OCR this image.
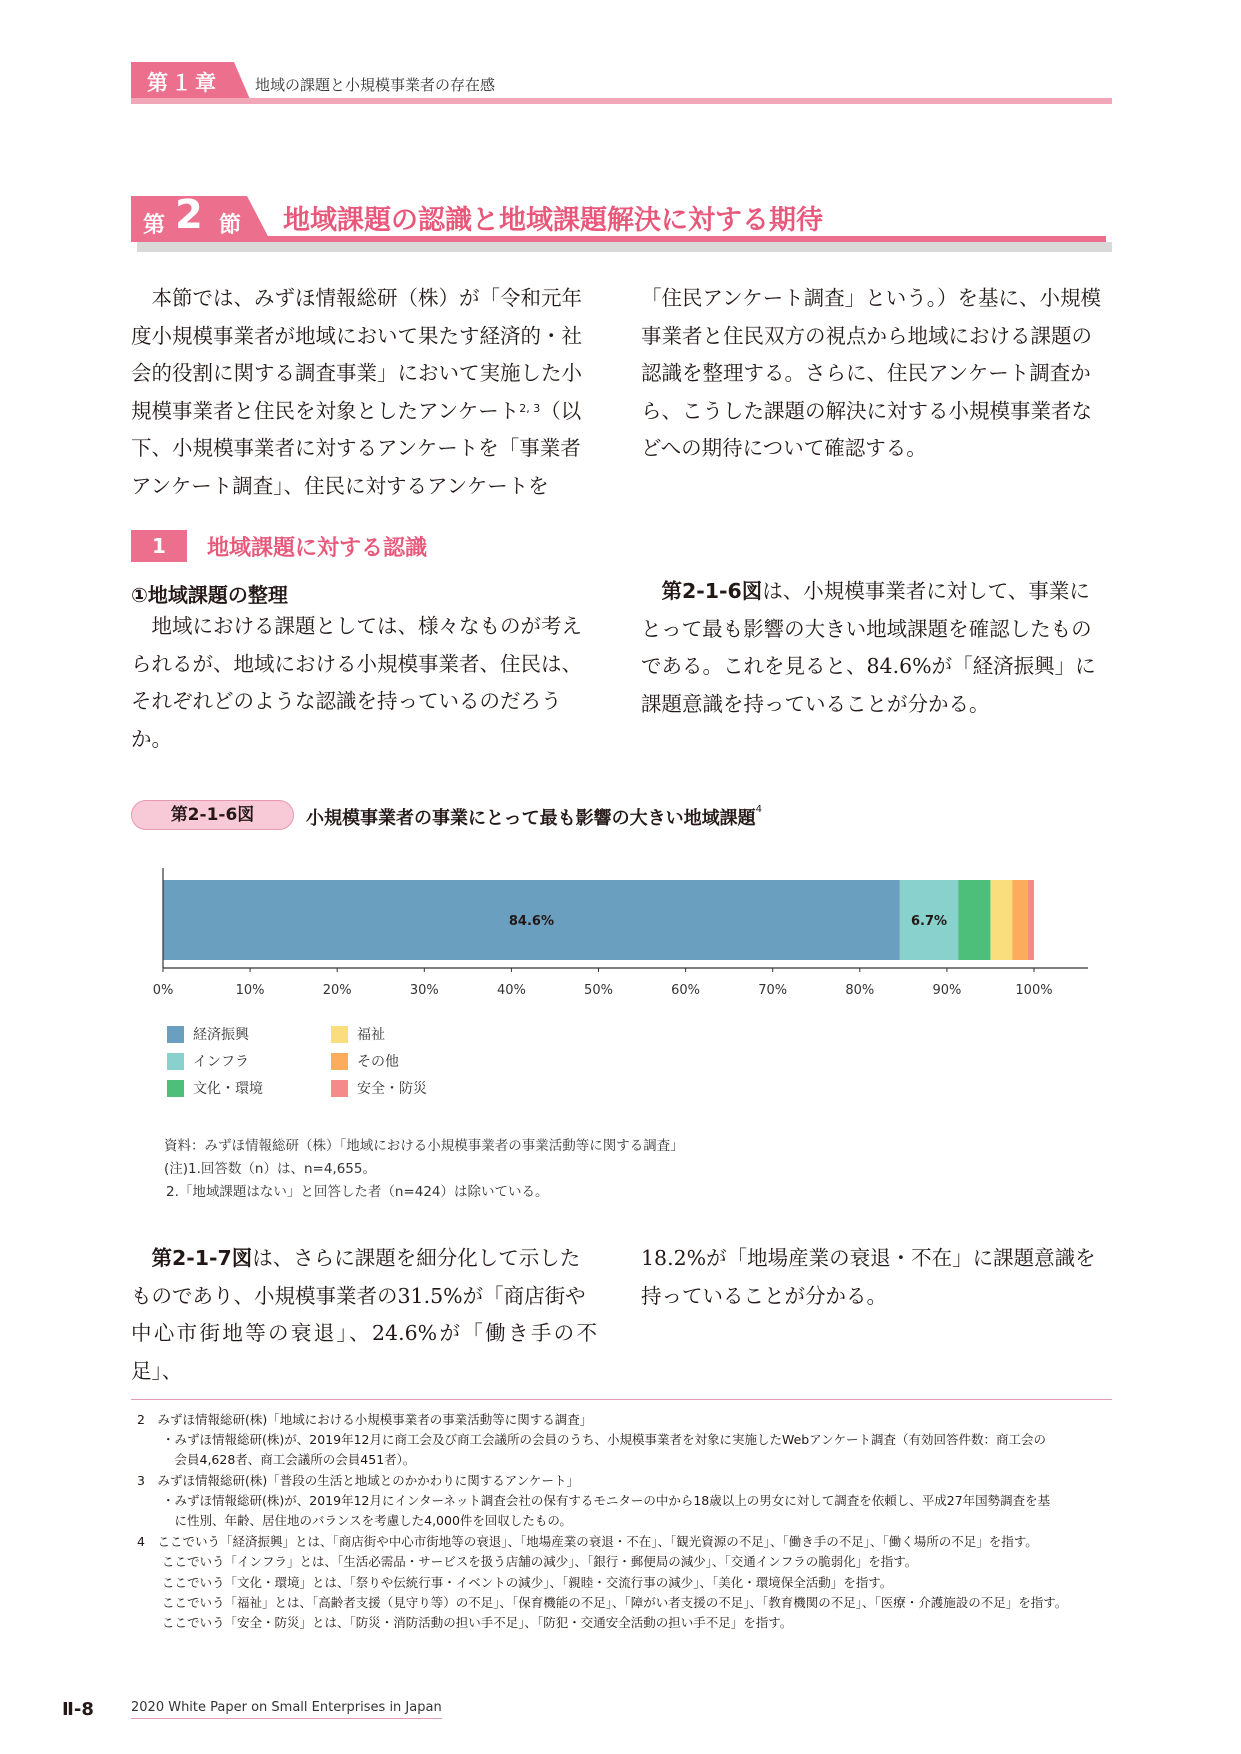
第１章	地域の課題と小規模事業者の存在感
第 2 節 地域課題の認識と地域課題解決に対する期待
　本節では、みずほ情報総研（株）が「令和元年
度小規模事業者が地域において果たす経済的・社
会的役割に関する調査事業」において実施した小
規模事業者と住民を対象としたアンケート$^{2, 3}$（以
下、小規模事業者に対するアンケートを「事業者
アンケート調査」、住民に対するアンケートを
「住民アンケート調査」という。）を基に、小規模
事業者と住民双方の視点から地域における課題の
認識を整理する。さらに、住民アンケート調査か
ら、こうした課題の解決に対する小規模事業者な
どへの期待について確認する。
1	地域課題に対する認識
①地域課題の整理
　地域における課題としては、様々なものが考え
られるが、地域における小規模事業者、住民は、
それぞれどのような認識を持っているのだろう
か。
　第2-1-6図は、小規模事業者に対して、事業に
とって最も影響の大きい地域課題を確認したもの
である。これを見ると、84.6%が「経済振興」に
課題意識を持っていることが分かる。
第2-1-6図	小規模事業者の事業にとって最も影響の大きい地域課題$^4$
84.6%	6.7%
0%	10%	20%	30%	40%	50%	60%	70%	80%	90%	100%
経済振興
インフラ
文化・環境
福祉
その他
安全・防災
資料：みずほ情報総研（株）「地域における小規模事業者の事業活動等に関する調査」
(注)1.回答数（n）は、n=4,655。
2.「地域課題はない」と回答した者（n=424）は除いている。
　第2-1-7図は、さらに課題を細分化して示した
ものであり、小規模事業者の31.5%が「商店街や
中心市街地等の衰退」、24.6%が「働き手の不足」、
18.2%が「地場産業の衰退・不在」に課題意識を
持っていることが分かる。
2　みずほ情報総研(株)「地域における小規模事業者の事業活動等に関する調査」
　　・みずほ情報総研(株)が、2019年12月に商工会及び商工会議所の会員のうち、小規模事業者を対象に実施したWebアンケート調査（有効回答件数：商工会の
　　　会員4,628者、商工会議所の会員451者）。
3　みずほ情報総研(株)「普段の生活と地域とのかかわりに関するアンケート」
　　・みずほ情報総研(株)が、2019年12月にインターネット調査会社の保有するモニターの中から18歳以上の男女に対して調査を依頼し、平成27年国勢調査を基
　　　に性別、年齢、居住地のバランスを考慮した4,000件を回収したもの。
4　ここでいう「経済振興」とは、「商店街や中心市街地等の衰退」、「地場産業の衰退・不在」、「観光資源の不足」、「働き手の不足」、「働く場所の不足」を指す。
　　ここでいう「インフラ」とは、「生活必需品・サービスを扱う店舗の減少」、「銀行・郵便局の減少」、「交通インフラの脆弱化」を指す。
　　ここでいう「文化・環境」とは、「祭りや伝統行事・イベントの減少」、「親睦・交流行事の減少」、「美化・環境保全活動」を指す。
　　ここでいう「福祉」とは、「高齢者支援（見守り等）の不足」、「保育機能の不足」、「障がい者支援の不足」、「教育機関の不足」、「医療・介護施設の不足」を指す。
　　ここでいう「安全・防災」とは、「防災・消防活動の担い手不足」、「防犯・交通安全活動の担い手不足」を指す。
Ⅱ-8	2020 White Paper on Small Enterprises in Japan
